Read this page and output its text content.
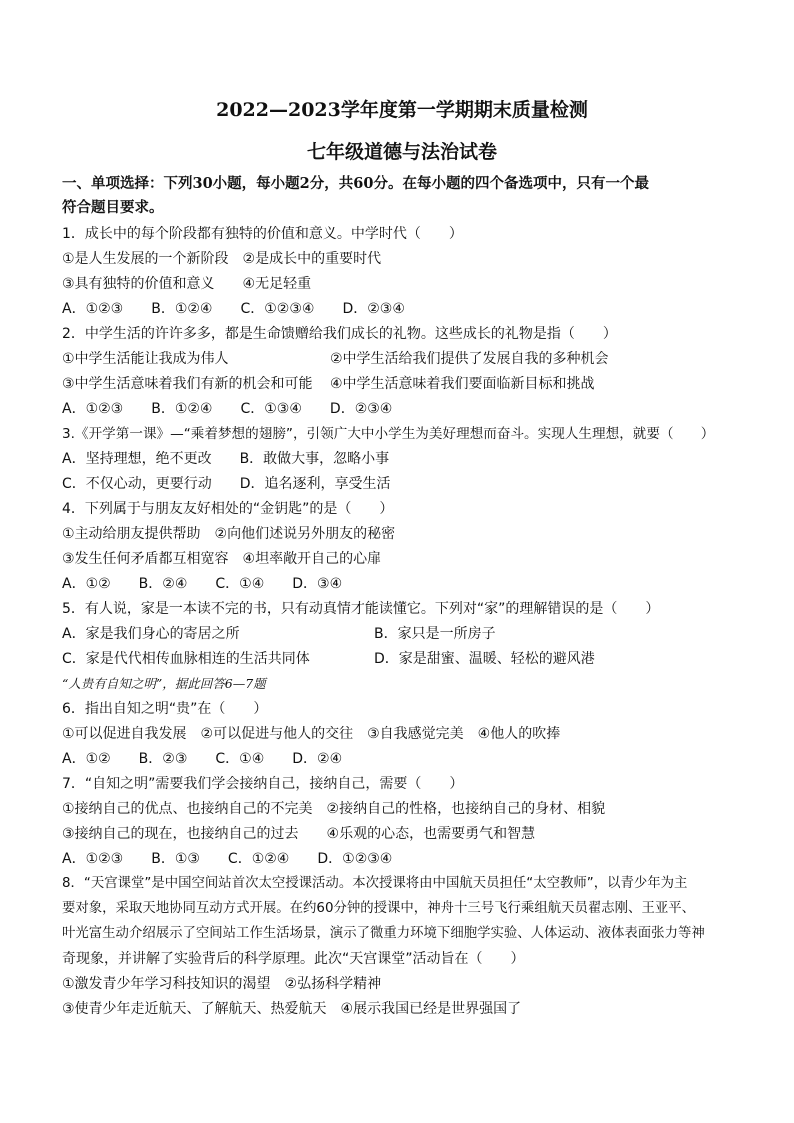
2022—2023学年度第一学期期末质量检测
七年级道德与法治试卷
一、单项选择：下列30小题，每小题2分，共60分。在每小题的四个备选项中，只有一个最
符合题目要求。
1．成长中的每个阶段都有独特的价值和意义。中学时代（　　）
①是人生发展的一个新阶段　②是成长中的重要时代
③具有独特的价值和意义　　④无足轻重
A．①②③　　B．①②④　　C．①②③④　　D．②③④
2．中学生活的许许多多，都是生命馈赠给我们成长的礼物。这些成长的礼物是指（　　）
①中学生活能让我成为伟人	②中学生活给我们提供了发展自我的多种机会
③中学生活意味着我们有新的机会和可能 ④中学生活意味着我们要面临新目标和挑战
A．①②③　　B．①②④　　C．①③④　　D．②③④
3.《开学第一课》—“乘着梦想的翅膀”，引领广大中小学生为美好理想而奋斗。实现人生理想，就要（　　）
A．坚持理想，绝不更改　　B．敢做大事，忽略小事
C．不仅心动，更要行动　　D．追名逐利，享受生活
4．下列属于与朋友友好相处的“金钥匙”的是（　　）
①主动给朋友提供帮助　②向他们述说另外朋友的秘密
③发生任何矛盾都互相宽容　④坦率敞开自己的心扉
A．①②　　B．②④　　C．①④　　D．③④
5．有人说，家是一本读不完的书，只有动真情才能读懂它。下列对“家”的理解错误的是（　　）
A．家是我们身心的寄居之所	B．家只是一所房子
C．家是代代相传血脉相连的生活共同体	D．家是甜蜜、温暖、轻松的避风港
“人贵有自知之明”，据此回答6—7题
6．指出自知之明“贵”在（　　）
①可以促进自我发展　②可以促进与他人的交往　③自我感觉完美　④他人的吹捧
A．①②　　B．②③　　C．①④　　D．②④
7．“自知之明”需要我们学会接纳自己，接纳自己，需要（　　）
①接纳自己的优点、也接纳自己的不完美　②接纳自己的性格，也接纳自己的身材、相貌
③接纳自己的现在，也接纳自己的过去　　④乐观的心态，也需要勇气和智慧
A．①②③　　B．①③　　C．①②④　　D．①②③④
8．“天宫课堂”是中国空间站首次太空授课活动。本次授课将由中国航天员担任“太空教师”，以青少年为主
要对象，采取天地协同互动方式开展。在约60分钟的授课中，神舟十三号飞行乘组航天员翟志刚、王亚平、
叶光富生动介绍展示了空间站工作生活场景，演示了微重力环境下细胞学实验、人体运动、液体表面张力等神
奇现象，并讲解了实验背后的科学原理。此次“天宫课堂”活动旨在（　　）
①激发青少年学习科技知识的渴望　②弘扬科学精神
③使青少年走近航天、了解航天、热爱航天　④展示我国已经是世界强国了
